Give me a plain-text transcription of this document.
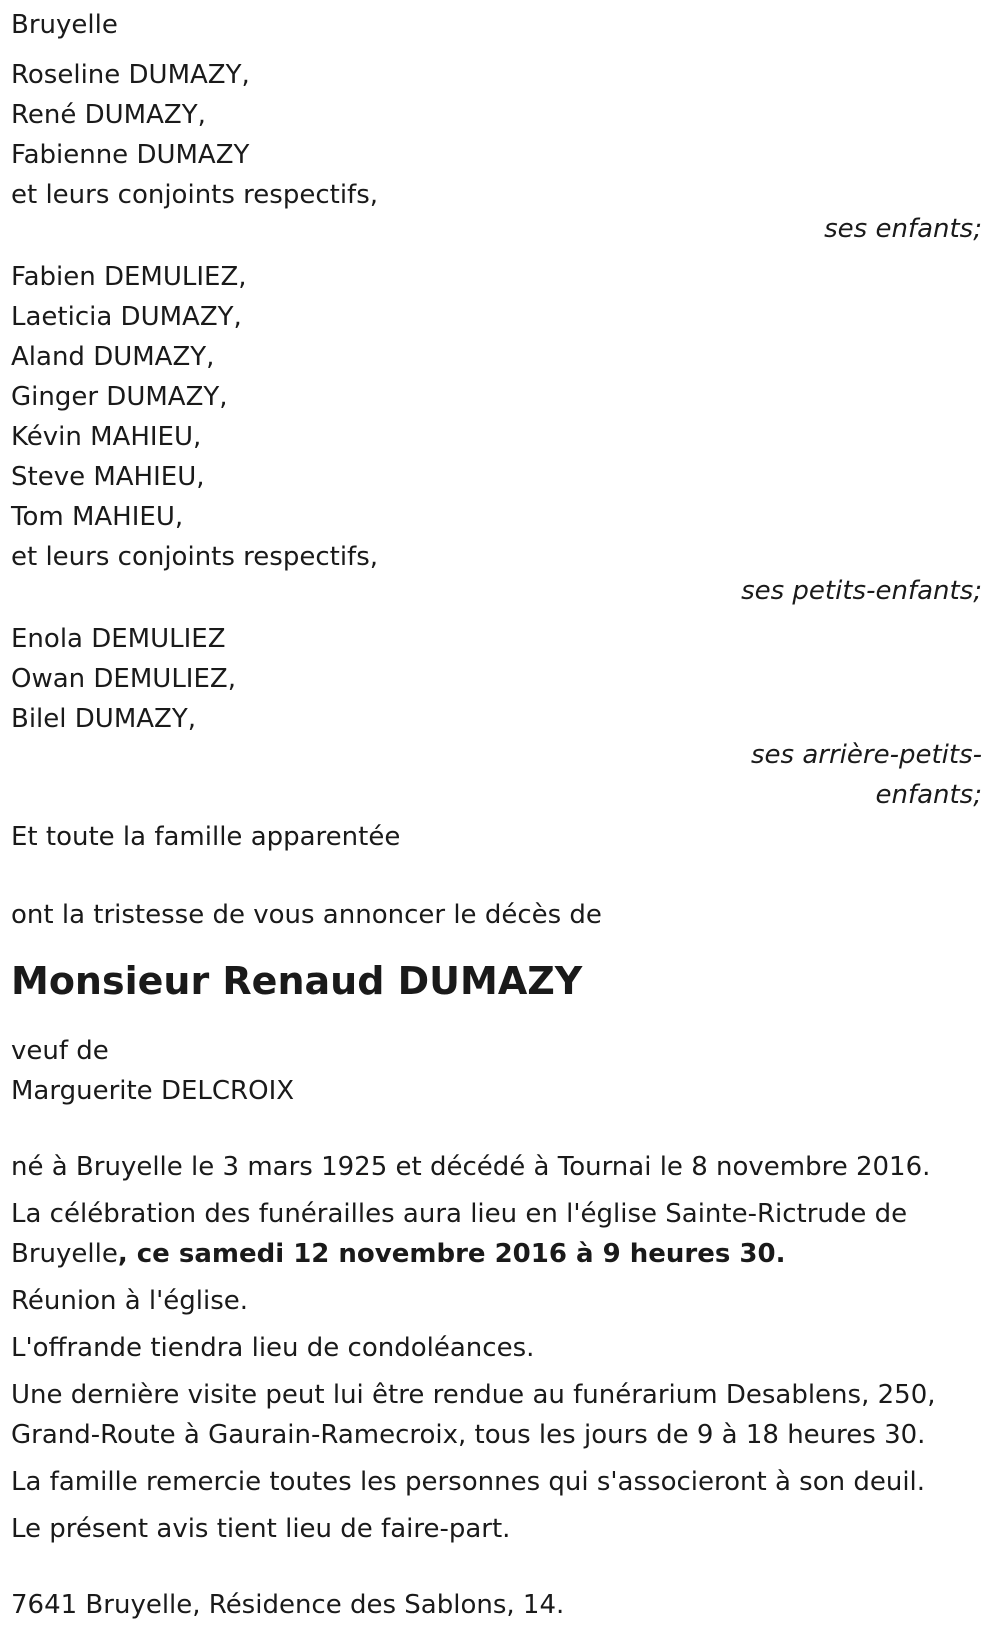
Bruyelle
Roseline DUMAZY,
René DUMAZY,
Fabienne DUMAZY
et leurs conjoints respectifs,
ses enfants;
Fabien DEMULIEZ,
Laeticia DUMAZY,
Aland DUMAZY,
Ginger DUMAZY,
Kévin MAHIEU,
Steve MAHIEU,
Tom MAHIEU,
et leurs conjoints respectifs,
ses petits-enfants;
Enola DEMULIEZ
Owan DEMULIEZ,
Bilel DUMAZY,
ses arrière-petits-
enfants;
Et toute la famille apparentée
ont la tristesse de vous annoncer le décès de
Monsieur Renaud DUMAZY
veuf de
Marguerite DELCROIX
né à Bruyelle le 3 mars 1925 et décédé à Tournai le 8 novembre 2016.
La célébration des funérailles aura lieu en l'église Sainte-Rictrude de Bruyelle, ce samedi 12 novembre 2016 à 9 heures 30.
Réunion à l'église.
L'offrande tiendra lieu de condoléances.
Une dernière visite peut lui être rendue au funérarium Desablens, 250, Grand-Route à Gaurain-Ramecroix, tous les jours de 9 à 18 heures 30.
La famille remercie toutes les personnes qui s'associeront à son deuil.
Le présent avis tient lieu de faire-part.
7641 Bruyelle, Résidence des Sablons, 14.
